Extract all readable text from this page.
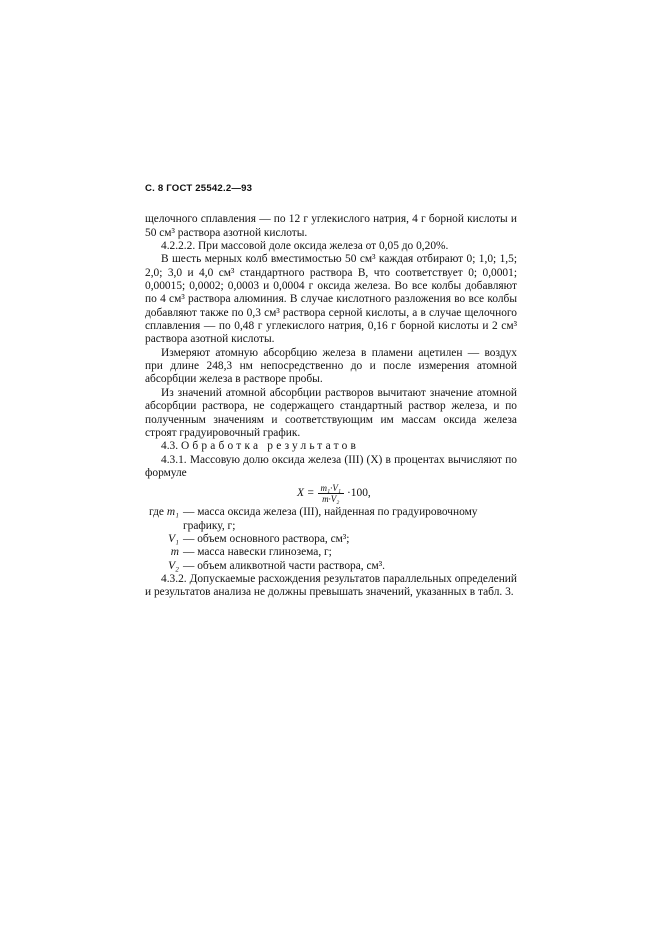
С. 8 ГОСТ 25542.2—93

щелочного сплавления — по 12 г углекислого натрия, 4 г борной кислоты и 50 см³ раствора азотной кислоты.

4.2.2.2. При массовой доле оксида железа от 0,05 до 0,20%.

В шесть мерных колб вместимостью 50 см³ каждая отбирают 0; 1,0; 1,5; 2,0; 3,0 и 4,0 см³ стандартного раствора В, что соответствует 0; 0,0001; 0,00015; 0,0002; 0,0003 и 0,0004 г оксида железа. Во все колбы добавляют по 4 см³ раствора алюминия. В случае кислотного разложения во все колбы добавляют также по 0,3 см³ раствора серной кислоты, а в случае щелочного сплавления — по 0,48 г углекислого натрия, 0,16 г борной кислоты и 2 см³ раствора азотной кислоты.

Измеряют атомную абсорбцию железа в пламени ацетилен — воздух при длине 248,3 нм непосредственно до и после измерения атомной абсорбции железа в растворе пробы.

Из значений атомной абсорбции растворов вычитают значение атомной абсорбции раствора, не содержащего стандартный раствор железа, и по полученным значениям и соответствующим им массам оксида железа строят градуировочный график.

4.3. Обработка результатов

4.3.1. Массовую долю оксида железа (III) (X) в процентах вычисляют по формуле

$X = \frac{\text{m₁·V₁}}{\text{m·V₂}} \cdot 100$,
где m₁ — масса оксида железа (III), найденная по градуировочному графику, г;
V₁ — объем основного раствора, см³;
m — масса навески глинозема, г;
V₂ — объем аликвотной части раствора, см³.

4.3.2. Допускаемые расхождения результатов параллельных определений и результатов анализа не должны превышать значений, указанных в табл. 3.
